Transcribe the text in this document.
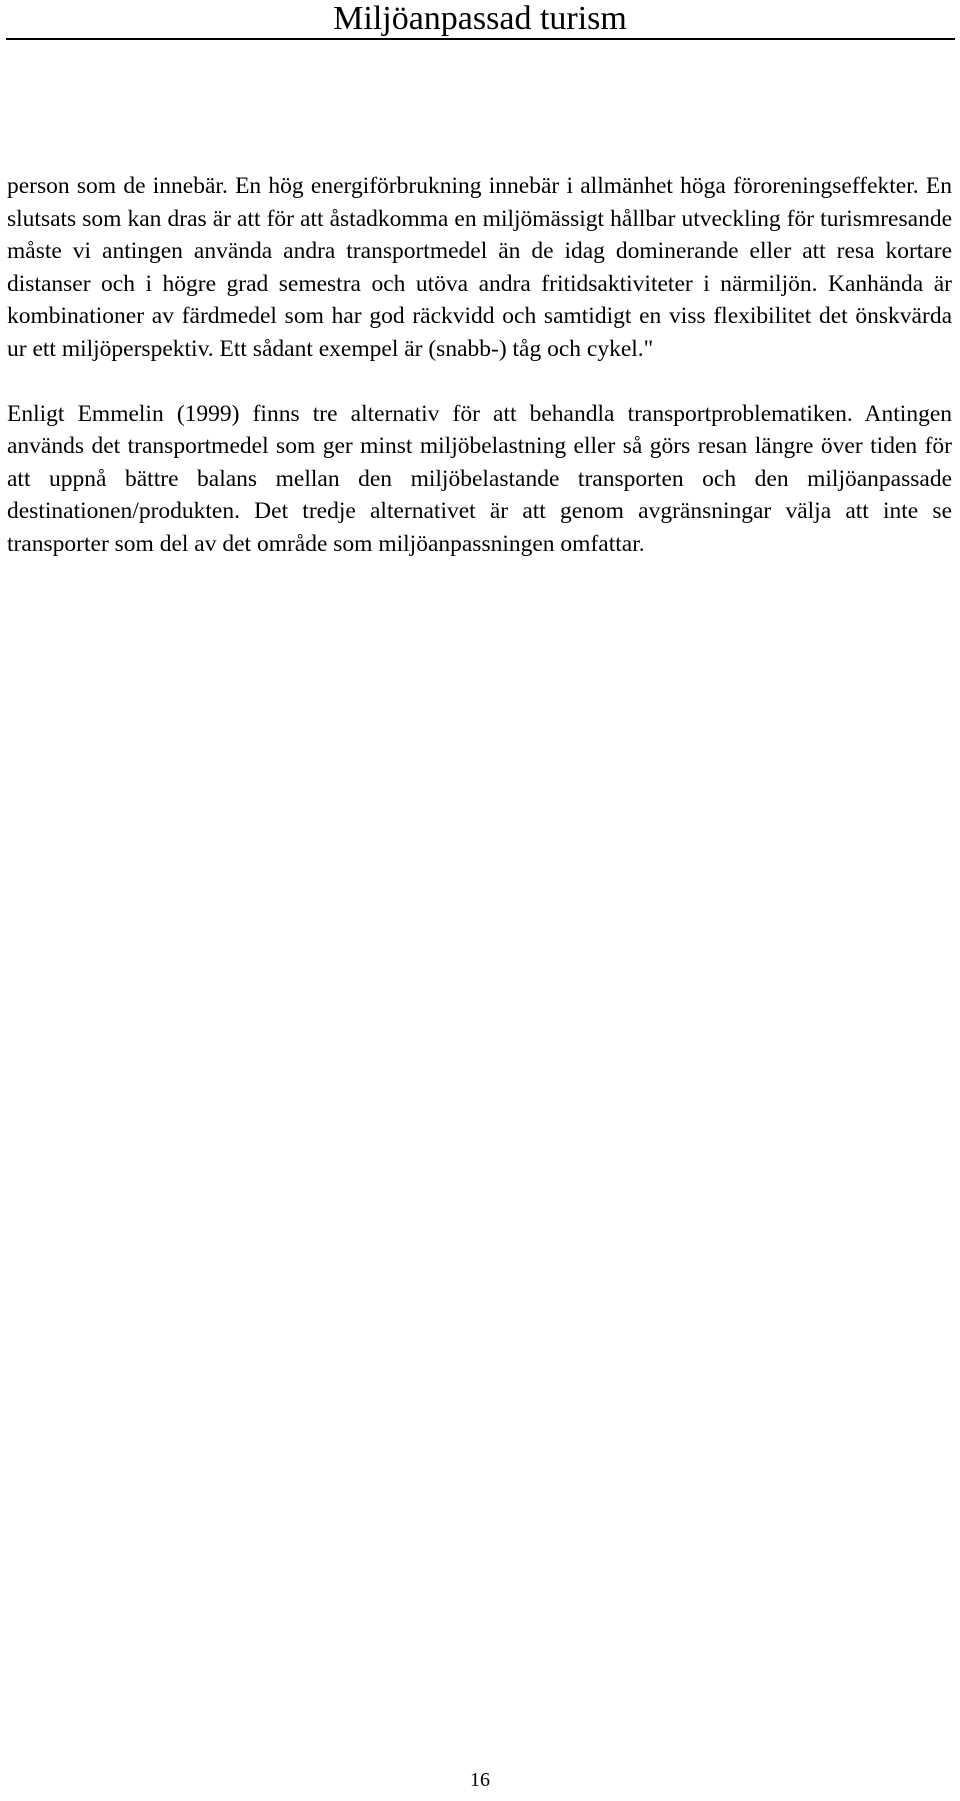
Miljöanpassad turism

person som de innebär. En hög energiförbrukning innebär i allmänhet höga föroreningseffekter. En slutsats som kan dras är att för att åstadkomma en miljömässigt hållbar utveckling för turismresande måste vi antingen använda andra transportmedel än de idag dominerande eller att resa kortare distanser och i högre grad semestra och utöva andra fritidsaktiviteter i närmiljön. Kanhända är kombinationer av färdmedel som har god räckvidd och samtidigt en viss flexibilitet det önskvärda ur ett miljöperspektiv. Ett sådant exempel är (snabb-) tåg och cykel."

Enligt Emmelin (1999) finns tre alternativ för att behandla transportproblematiken. Antingen används det transportmedel som ger minst miljöbelastning eller så görs resan längre över tiden för att uppnå bättre balans mellan den miljöbelastande transporten och den miljöanpassade destinationen/produkten. Det tredje alternativet är att genom avgränsningar välja att inte se transporter som del av det område som miljöanpassningen omfattar.

16
